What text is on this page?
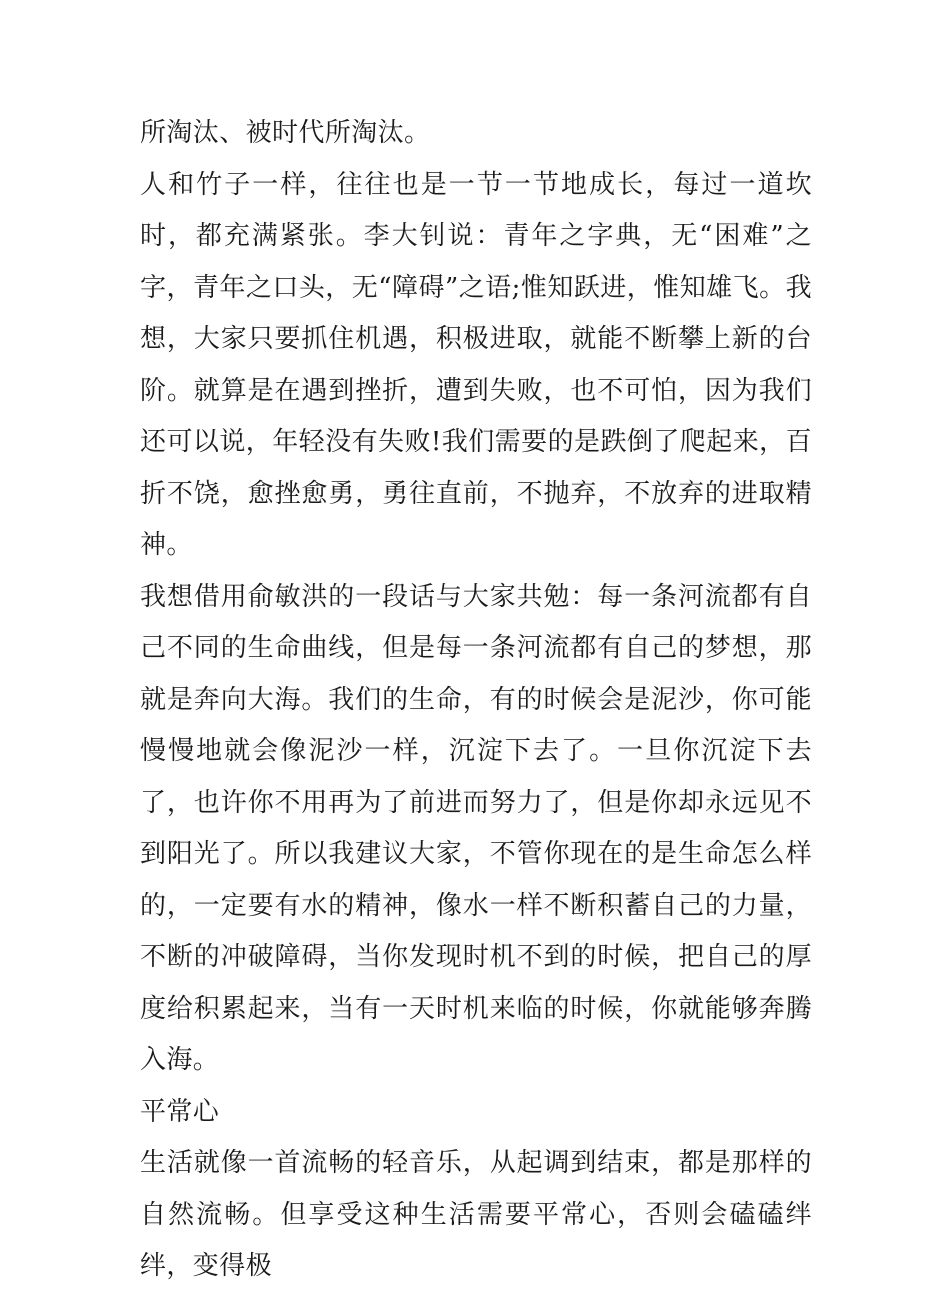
所淘汰、被时代所淘汰。

人和竹子一样，往往也是一节一节地成长，每过一道坎时，都充满紧张。李大钊说：青年之字典，无“困难”之字，青年之口头，无“障碍”之语;惟知跃进，惟知雄飞。我想，大家只要抓住机遇，积极进取，就能不断攀上新的台阶。就算是在遇到挫折，遭到失败，也不可怕，因为我们还可以说，年轻没有失败!我们需要的是跌倒了爬起来，百折不饶，愈挫愈勇，勇往直前，不抛弃，不放弃的进取精神。

我想借用俞敏洪的一段话与大家共勉：每一条河流都有自己不同的生命曲线，但是每一条河流都有自己的梦想，那就是奔向大海。我们的生命，有的时候会是泥沙，你可能慢慢地就会像泥沙一样，沉淀下去了。一旦你沉淀下去了，也许你不用再为了前进而努力了，但是你却永远见不到阳光了。所以我建议大家，不管你现在的是生命怎么样的，一定要有水的精神，像水一样不断积蓄自己的力量，不断的冲破障碍，当你发现时机不到的时候，把自己的厚度给积累起来，当有一天时机来临的时候，你就能够奔腾入海。

平常心

生活就像一首流畅的轻音乐，从起调到结束，都是那样的自然流畅。但享受这种生活需要平常心，否则会磕磕绊绊，变得极
